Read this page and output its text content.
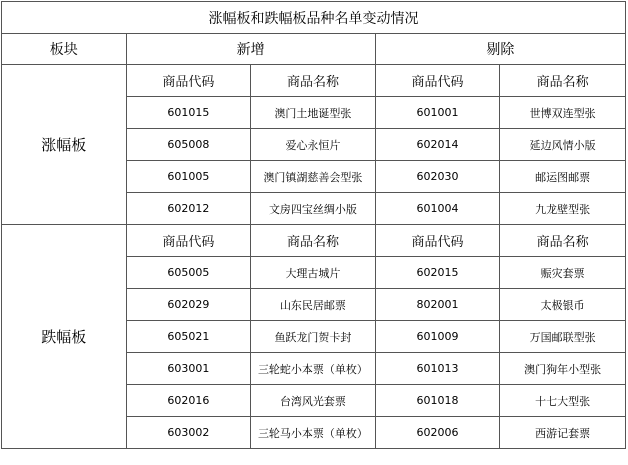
涨幅板和跌幅板品种名单变动情况				
板块	新增		剔除	
涨幅板	商品代码	商品名称	商品代码	商品名称
	601015	澳门土地诞型张	601001	世博双连型张
	605008	爱心永恒片	602014	延边风情小版
	601005	澳门镇湖慈善会型张	602030	邮运图邮票
	602012	文房四宝丝绸小版	601004	九龙壁型张
跌幅板	商品代码	商品名称	商品代码	商品名称
	605005	大理古城片	602015	赈灾套票
	602029	山东民居邮票	802001	太极银币
	605021	鱼跃龙门贺卡封	601009	万国邮联型张
	603001	三轮蛇小本票（单枚）	601013	澳门狗年小型张
	602016	台湾风光套票	601018	十七大型张
	603002	三轮马小本票（单枚）	602006	西游记套票
